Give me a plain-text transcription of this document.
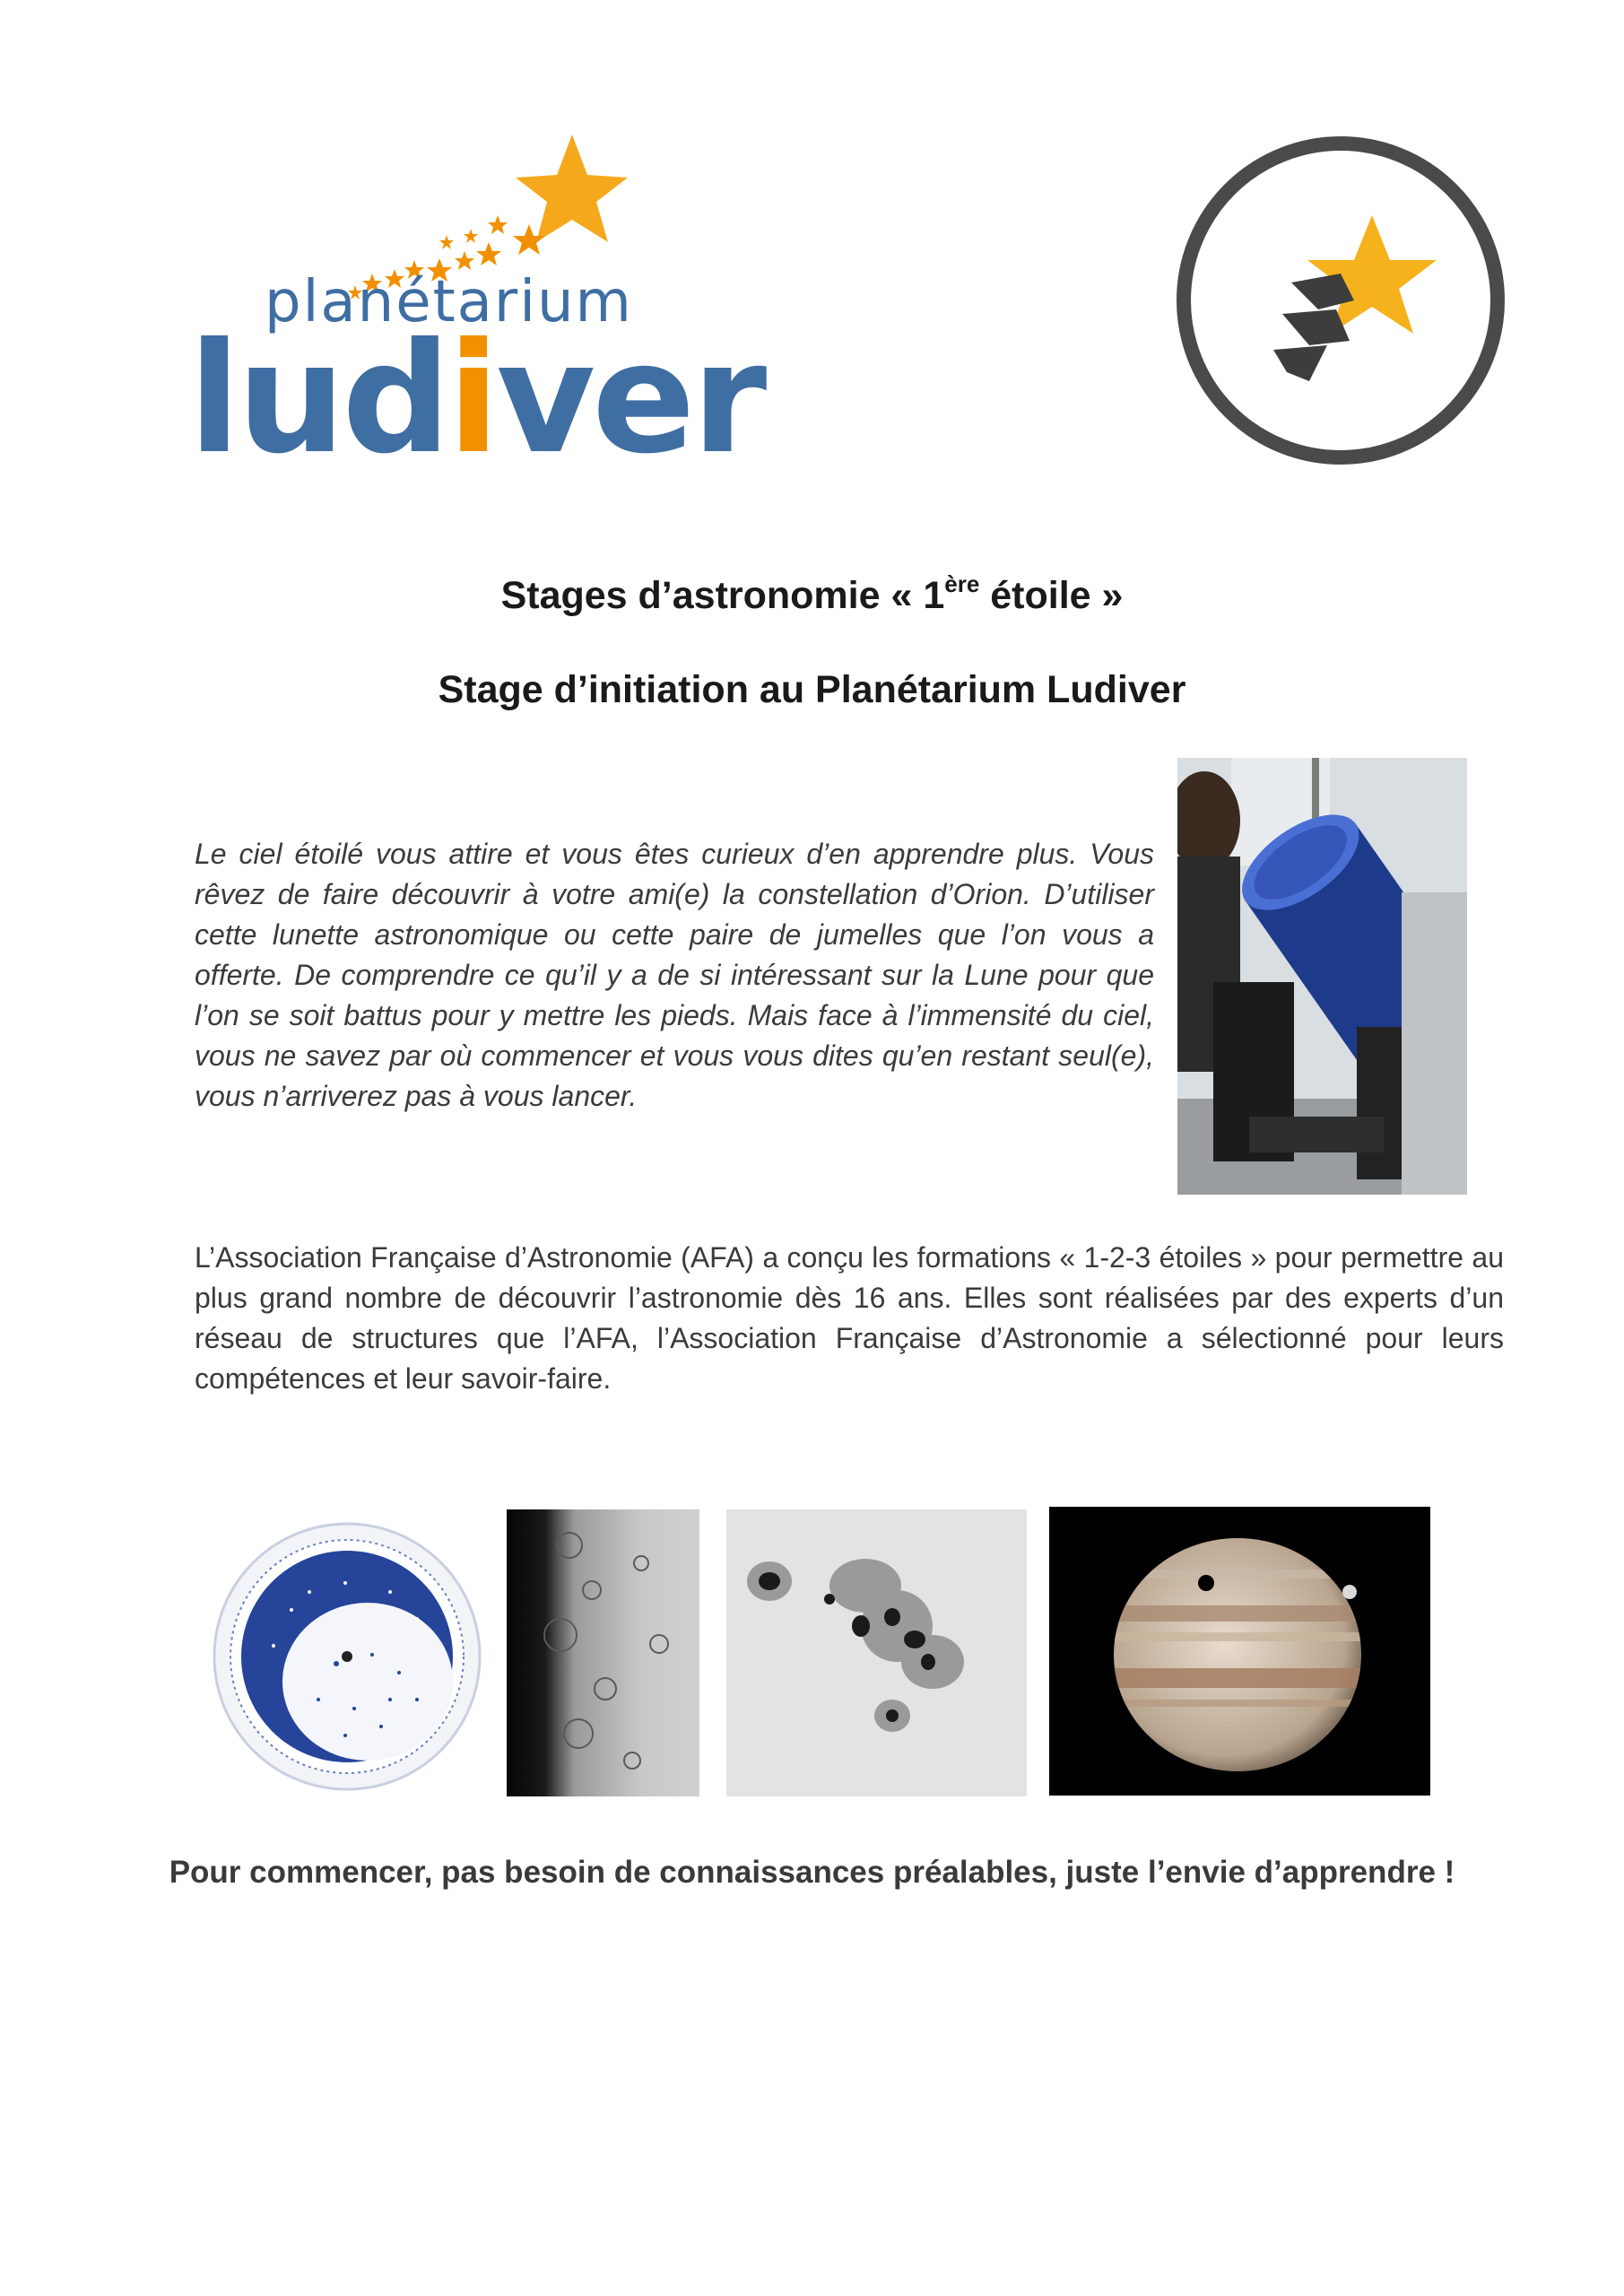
planétarium
ludiver
Stages d’astronomie « 1ère étoile »
Stage d’initiation au Planétarium Ludiver
Le ciel étoilé vous attire et vous êtes curieux d’en apprendre plus. Vous rêvez de faire découvrir à votre ami(e) la constellation d’Orion. D’utiliser cette lunette astronomique ou cette paire de jumelles que l’on vous a offerte. De comprendre ce qu’il y a de si intéressant sur la Lune pour que l’on se soit battus pour y mettre les pieds. Mais face à l’immensité du ciel, vous ne savez par où commencer et vous vous dites qu’en restant seul(e), vous n’arriverez pas à vous lancer.
L’Association Française d’Astronomie (AFA) a conçu les formations « 1-2-3 étoiles » pour permettre au plus grand nombre de découvrir l’astronomie dès 16 ans. Elles sont réalisées par des experts d’un réseau de structures que l’AFA, l’Association Française d’Astronomie a sélectionné pour leurs compétences et leur savoir-faire.
Pour commencer, pas besoin de connaissances préalables, juste l’envie d’apprendre !
